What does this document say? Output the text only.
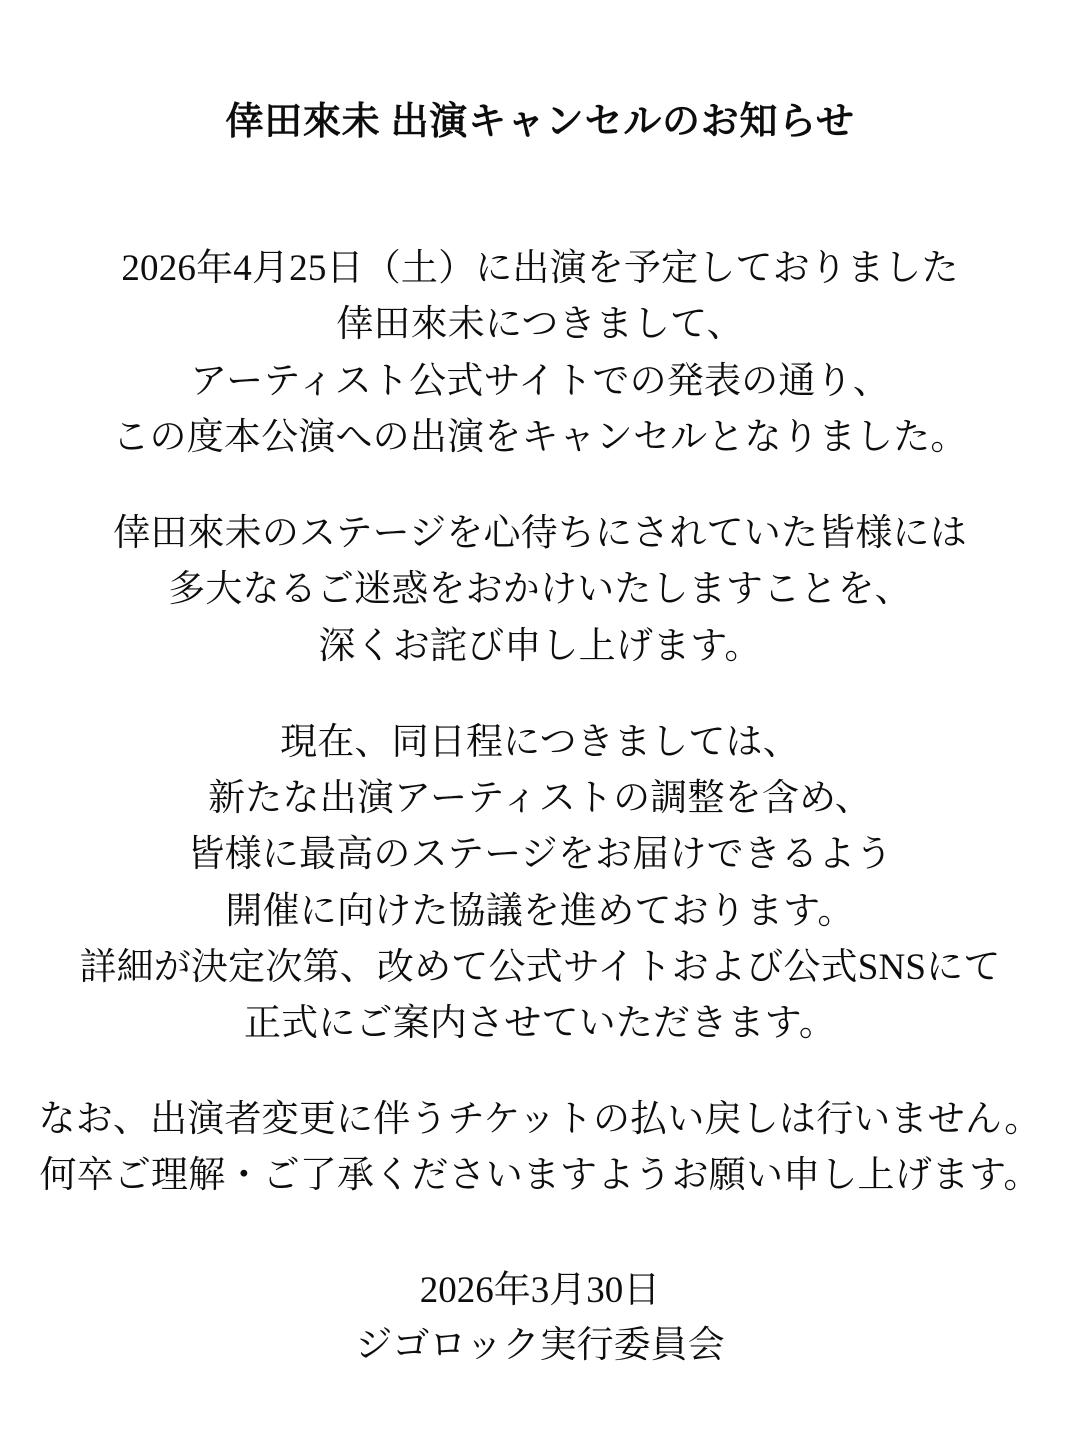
倖田來未 出演キャンセルのお知らせ

2026年4月25日（土）に出演を予定しておりました
倖田來未につきまして、
アーティスト公式サイトでの発表の通り、
この度本公演への出演をキャンセルとなりました。

倖田來未のステージを心待ちにされていた皆様には
多大なるご迷惑をおかけいたしますことを、
深くお詫び申し上げます。

現在、同日程につきましては、
新たな出演アーティストの調整を含め、
皆様に最高のステージをお届けできるよう
開催に向けた協議を進めております。
詳細が決定次第、改めて公式サイトおよび公式SNSにて
正式にご案内させていただきます。

なお、出演者変更に伴うチケットの払い戻しは行いません。
何卒ご理解・ご了承くださいますようお願い申し上げます。

2026年3月30日
ジゴロック実行委員会
